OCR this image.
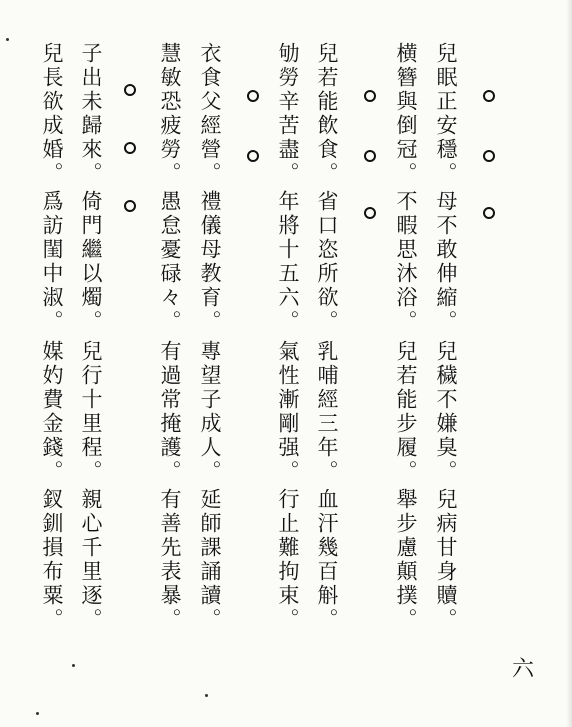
兒眠正安穩。
母不敢伸縮。
兒穢不嫌臭。
兒病甘身贖。
横簪與倒冠。
不暇思沐浴。
兒若能步履。
舉步慮顛撲。
兒若能飲食。
省口恣所欲。
乳哺經三年。
血汗幾百斛。
劬勞辛苦盡。
年將十五六。
氣性漸剛强。
行止難拘束。
衣食父經營。
禮儀母教育。
專望子成人。
延師課誦讀。
慧敏恐疲勞。
愚怠憂碌々。
有過常掩護。
有善先表暴。
子出未歸來。
倚門繼以燭。
兒行十里程。
親心千里逐。
兒長欲成婚。
爲訪閨中淑。
媒妁費金錢。
釵釧損布粟。
六
